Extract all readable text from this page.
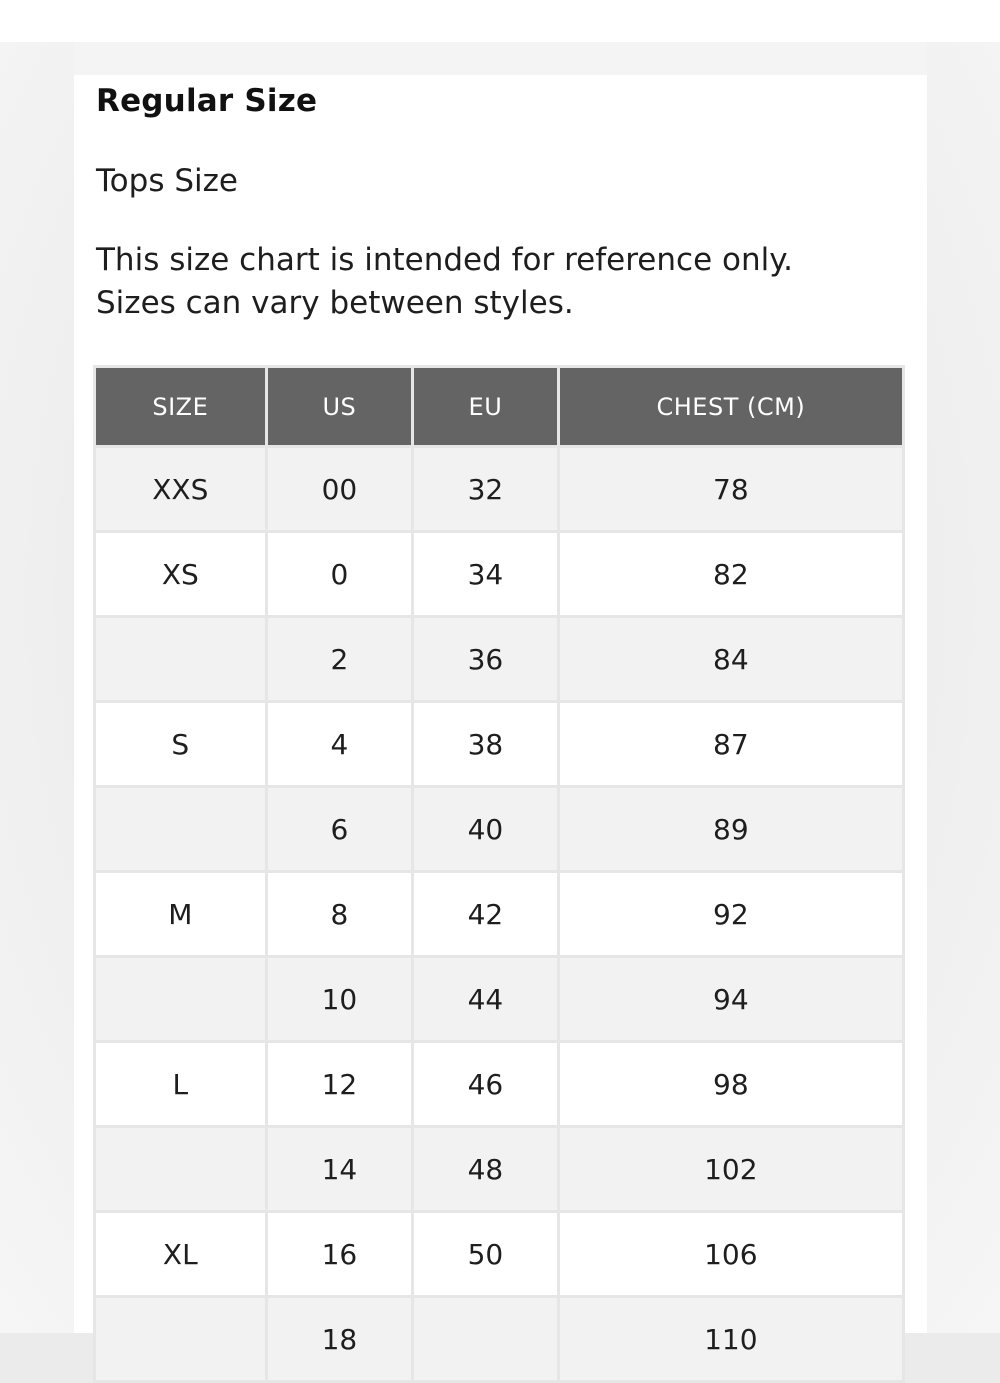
Regular Size
Tops Size

This size chart is intended for reference only. Sizes can vary between styles.

SIZE	US	EU	CHEST (CM)
XXS	00	32	78
XS	0	34	82
	2	36	84
S	4	38	87
	6	40	89
M	8	42	92
	10	44	94
L	12	46	98
	14	48	102
XL	16	50	106
	18		110
